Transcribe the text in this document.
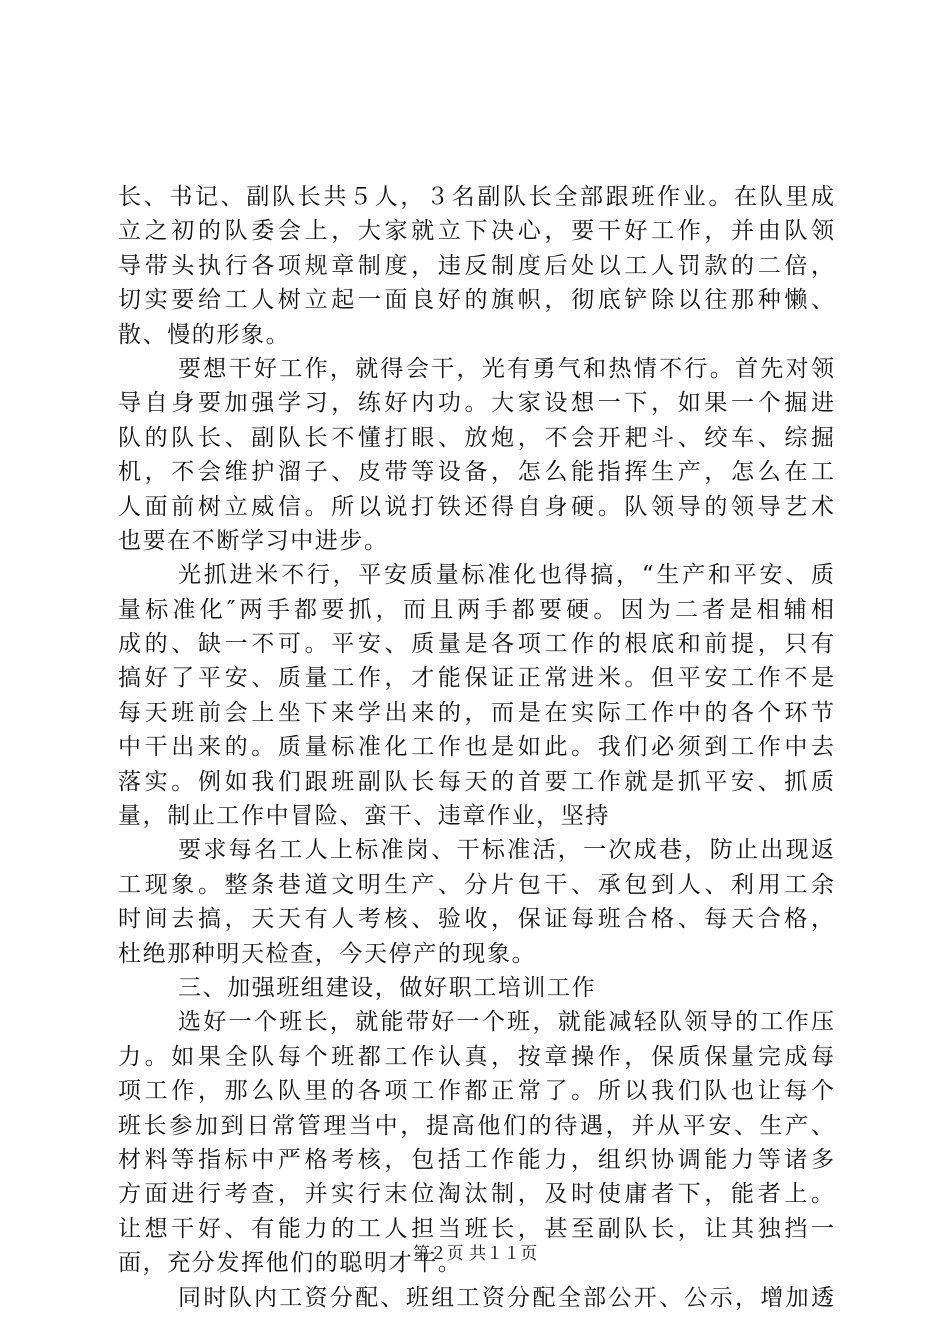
长、书记、副队长共５人，３名副队长全部跟班作业。在队里成
立之初的队委会上，大家就立下决心，要干好工作，并由队领
导带头执行各项规章制度，违反制度后处以工人罚款的二倍，
切实要给工人树立起一面良好的旗帜，彻底铲除以往那种懒、
散、慢的形象。
要想干好工作，就得会干，光有勇气和热情不行。首先对领
导自身要加强学习，练好内功。大家设想一下，如果一个掘进
队的队长、副队长不懂打眼、放炮，不会开耙斗、绞车、综掘
机，不会维护溜子、皮带等设备，怎么能指挥生产，怎么在工
人面前树立威信。所以说打铁还得自身硬。队领导的领导艺术
也要在不断学习中进步。
光抓进米不行，平安质量标准化也得搞，“生产和平安、质
量标准化″两手都要抓，而且两手都要硬。因为二者是相辅相
成的、缺一不可。平安、质量是各项工作的根底和前提，只有
搞好了平安、质量工作，才能保证正常进米。但平安工作不是
每天班前会上坐下来学出来的，而是在实际工作中的各个环节
中干出来的。质量标准化工作也是如此。我们必须到工作中去
落实。例如我们跟班副队长每天的首要工作就是抓平安、抓质
量，制止工作中冒险、蛮干、违章作业，坚持
要求每名工人上标准岗、干标准活，一次成巷，防止出现返
工现象。整条巷道文明生产、分片包干、承包到人、利用工余
时间去搞，天天有人考核、验收，保证每班合格、每天合格，
杜绝那种明天检查，今天停产的现象。
三、加强班组建设，做好职工培训工作
选好一个班长，就能带好一个班，就能减轻队领导的工作压
力。如果全队每个班都工作认真，按章操作，保质保量完成每
项工作，那么队里的各项工作都正常了。所以我们队也让每个
班长参加到日常管理当中，提高他们的待遇，并从平安、生产、
材料等指标中严格考核，包括工作能力，组织协调能力等诸多
方面进行考查，并实行末位淘汰制，及时使庸者下，能者上。
让想干好、有能力的工人担当班长，甚至副队长，让其独挡一
面，充分发挥他们的聪明才干。
同时队内工资分配、班组工资分配全部公开、公示，增加透
第２页 共１１页
